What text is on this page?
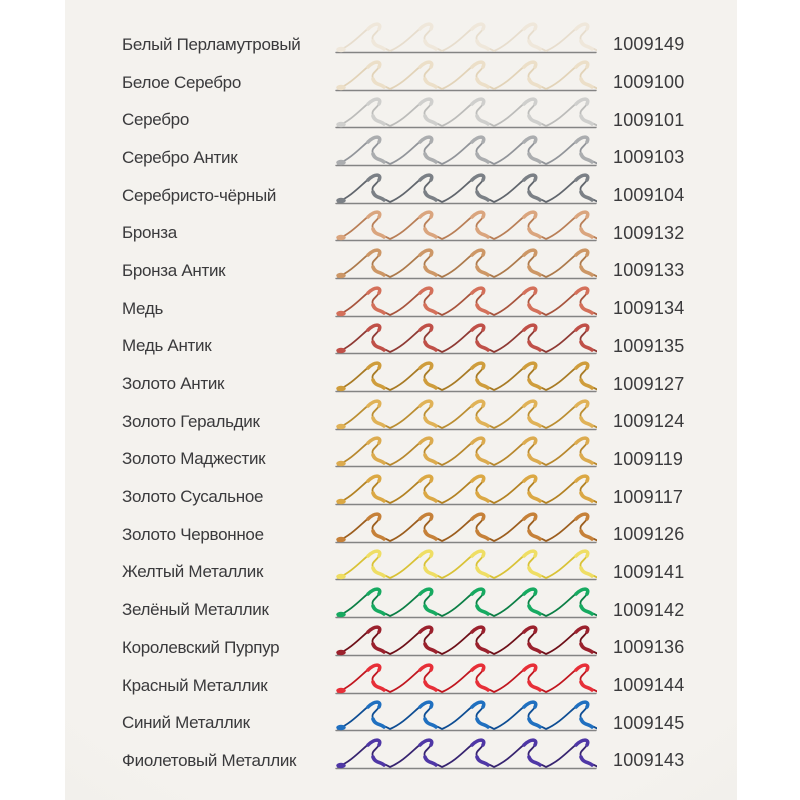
Белый Перламутровый	1009149
Белое Серебро	1009100
Серебро	1009101
Серебро Антик	1009103
Серебристо-чёрный	1009104
Бронза	1009132
Бронза Антик	1009133
Медь	1009134
Медь Антик	1009135
Золото Антик	1009127
Золото Геральдик	1009124
Золото Маджестик	1009119
Золото Сусальное	1009117
Золото Червонное	1009126
Желтый Металлик	1009141
Зелёный Металлик	1009142
Королевский Пурпур	1009136
Красный Металлик	1009144
Синий Металлик	1009145
Фиолетовый Металлик	1009143
